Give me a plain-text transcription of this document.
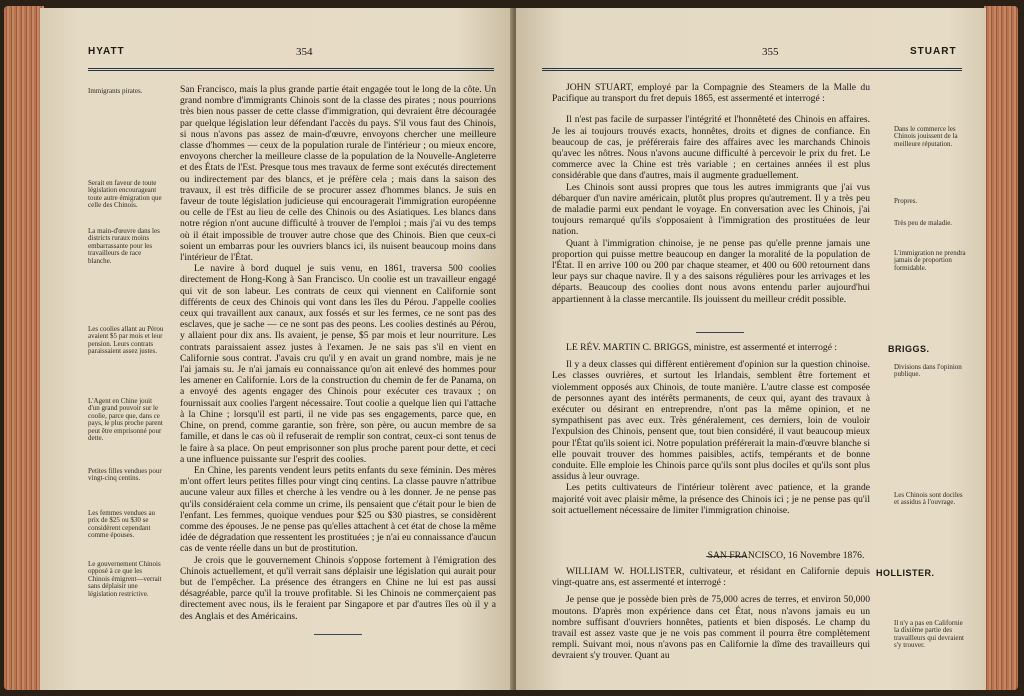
HYATT	354
Immigrants pirates.
Serait en faveur de toute législation encourageant toute autre émigration que celle des Chinois.
La main-d'œuvre dans les districts ruraux moins embarrassante pour les travailleurs de race blanche.
Les coolies allant au Pérou avaient $5 par mois et leur pension. Leurs contrats paraissaient assez justes.
L'Agent en Chine jouit d'un grand pouvoir sur le coolie, parce que, dans ce pays, le plus proche parent peut être emprisonné pour dette.
Petites filles vendues pour vingt-cinq centins.
Les femmes vendues au prix de $25 ou $30 se considèrent cependant comme épouses.
Le gouvernement Chinois opposé à ce que les Chinois émigrent—verrait sans déplaisir une législation restrictive.

San Francisco, mais la plus grande partie était engagée tout le long de la côte. Un grand nombre d'immigrants Chinois sont de la classe des pirates ; nous pourrions très bien nous passer de cette classe d'immigration, qui devraient être découragée par quelque législation leur défendant l'accès du pays. S'il vous faut des Chinois, si nous n'avons pas assez de main-d'œuvre, envoyons chercher une meilleure classe d'hommes — ceux de la population rurale de l'intérieur ; ou mieux encore, envoyons chercher la meilleure classe de la population de la Nouvelle-Angleterre et des États de l'Est. Presque tous mes travaux de ferme sont exécutés directement ou indirectement par des blancs, et je préfère cela ; mais dans la saison des travaux, il est très difficile de se procurer assez d'hommes blancs. Je suis en faveur de toute législation judicieuse qui encouragerait l'immigration européenne ou celle de l'Est au lieu de celle des Chinois ou des Asiatiques. Les blancs dans notre région n'ont aucune difficulté à trouver de l'emploi ; mais j'ai vu des temps où il était impossible de trouver autre chose que des Chinois. Bien que ceux-ci soient un embarras pour les ouvriers blancs ici, ils nuisent beaucoup moins dans l'intérieur de l'État.

Le navire à bord duquel je suis venu, en 1861, traversa 500 coolies directement de Hong-Kong à San Francisco. Un coolie est un travailleur engagé qui vit de son labeur. Les contrats de ceux qui viennent en Californie sont différents de ceux des Chinois qui vont dans les îles du Pérou. J'appelle coolies ceux qui travaillent aux canaux, aux fossés et sur les fermes, ce ne sont pas des esclaves, que je sache — ce ne sont pas des peons. Les coolies destinés au Pérou, y allaient pour dix ans. Ils avaient, je pense, $5 par mois et leur nourriture. Les contrats paraissaient assez justes à l'examen. Je ne sais pas s'il en vient en Californie sous contrat. J'avais cru qu'il y en avait un grand nombre, mais je ne l'ai jamais su. Je n'ai jamais eu connaissance qu'on ait enlevé des hommes pour les amener en Californie. Lors de la construction du chemin de fer de Panama, on a envoyé des agents engager des Chinois pour exécuter ces travaux ; on fournissait aux coolies l'argent nécessaire. Tout coolie a quelque lien qui l'attache à la Chine ; lorsqu'il est parti, il ne vide pas ses engagements, parce que, en Chine, on prend, comme garantie, son frère, son père, ou aucun membre de sa famille, et dans le cas où il refuserait de remplir son contrat, ceux-ci sont tenus de le faire à sa place. On peut emprisonner son plus proche parent pour dette, et ceci a une influence puissante sur l'esprit des coolies.

En Chine, les parents vendent leurs petits enfants du sexe féminin. Des mères m'ont offert leurs petites filles pour vingt cinq centins. La classe pauvre n'attribue aucune valeur aux filles et cherche à les vendre ou à les donner. Je ne pense pas qu'ils considéraient cela comme un crime, ils pensaient que c'était pour le bien de l'enfant. Les femmes, quoique vendues pour $25 ou $30 piastres, se considèrent comme des épouses. Je ne pense pas qu'elles attachent à cet état de chose la même idée de dégradation que ressentent les prostituées ; je n'ai eu connaissance d'aucun cas de vente réelle dans un but de prostitution.

Je crois que le gouvernement Chinois s'oppose fortement à l'émigration des Chinois actuellement, et qu'il verrait sans déplaisir une législation qui aurait pour but de l'empêcher. La présence des étrangers en Chine ne lui est pas aussi désagréable, parce qu'il la trouve profitable. Si les Chinois ne commerçaient pas directement avec nous, ils le feraient par Singapore et par d'autres îles où il y a des Anglais et des Américains.

355	STUART

JOHN STUART, employé par la Compagnie des Steamers de la Malle du Pacifique au transport du fret depuis 1865, est assermenté et interrogé :

Il n'est pas facile de surpasser l'intégrité et l'honnêteté des Chinois en affaires. Je les ai toujours trouvés exacts, honnêtes, droits et dignes de confiance. En beaucoup de cas, je préférerais faire des affaires avec les marchands Chinois qu'avec les nôtres. Nous n'avons aucune difficulté à percevoir le prix du fret. Le commerce avec la Chine est très variable ; en certaines années il est plus considérable que dans d'autres, mais il augmente graduellement.

Les Chinois sont aussi propres que tous les autres immigrants que j'ai vus débarquer d'un navire américain, plutôt plus propres qu'autrement. Il y a très peu de maladie parmi eux pendant le voyage. En conversation avec les Chinois, j'ai toujours remarqué qu'ils s'opposaient à l'immigration des prostituées de leur nation.

Quant à l'immigration chinoise, je ne pense pas qu'elle prenne jamais une proportion qui puisse mettre beaucoup en danger la moralité de la population de l'État. Il en arrive 100 ou 200 par chaque steamer, et 400 ou 600 retournent dans leur pays sur chaque navire. Il y a des saisons régulières pour les arrivages et les départs. Beaucoup des coolies dont nous avons entendu parler aujourd'hui appartiennent à la classe mercantile. Ils jouissent du meilleur crédit possible.

Dans le commerce les Chinois jouissent de la meilleure réputation.
Propres.
Très peu de maladie.
L'immigration ne prendra jamais de proportion formidable.

LE RÉV. MARTIN C. BRIGGS, ministre, est assermenté et interrogé :

Il y a deux classes qui diffèrent entièrement d'opinion sur la question chinoise. Les classes ouvrières, et surtout les Irlandais, semblent être fortement et violemment opposés aux Chinois, de toute manière. L'autre classe est composée de personnes ayant des intérêts permanents, de ceux qui, ayant des travaux à exécuter ou désirant en entreprendre, n'ont pas la même opinion, et ne sympathisent pas avec eux. Très généralement, ces derniers, loin de vouloir l'expulsion des Chinois, pensent que, tout bien considéré, il vaut beaucoup mieux pour l'État qu'ils soient ici. Notre population préférerait la main-d'œuvre blanche si elle pouvait trouver des hommes paisibles, actifs, tempérants et de bonne conduite. Elle emploie les Chinois parce qu'ils sont plus dociles et qu'ils sont plus assidus à leur ouvrage.

Les petits cultivateurs de l'intérieur tolèrent avec patience, et la grande majorité voit avec plaisir même, la présence des Chinois ici ; je ne pense pas qu'il soit actuellement nécessaire de limiter l'immigration chinoise.

BRIGGS.
Divisions dans l'opinion publique.
Les Chinois sont dociles et assidus à l'ouvrage.

SAN FRANCISCO, 16 Novembre 1876.

WILLIAM W. HOLLISTER, cultivateur, et résidant en Californie depuis vingt-quatre ans, est assermenté et interrogé :

Je pense que je possède bien près de 75,000 acres de terres, et environ 50,000 moutons. D'après mon expérience dans cet État, nous n'avons jamais eu un nombre suffisant d'ouvriers honnêtes, patients et bien disposés. Le champ du travail est assez vaste que je ne vois pas comment il pourra être complètement rempli. Suivant moi, nous n'avons pas en Californie la dîme des travailleurs qui devraient s'y trouver. Quant au

HOLLISTER.
Il n'y a pas en Californie la dixième partie des travailleurs qui devraient s'y trouver.
